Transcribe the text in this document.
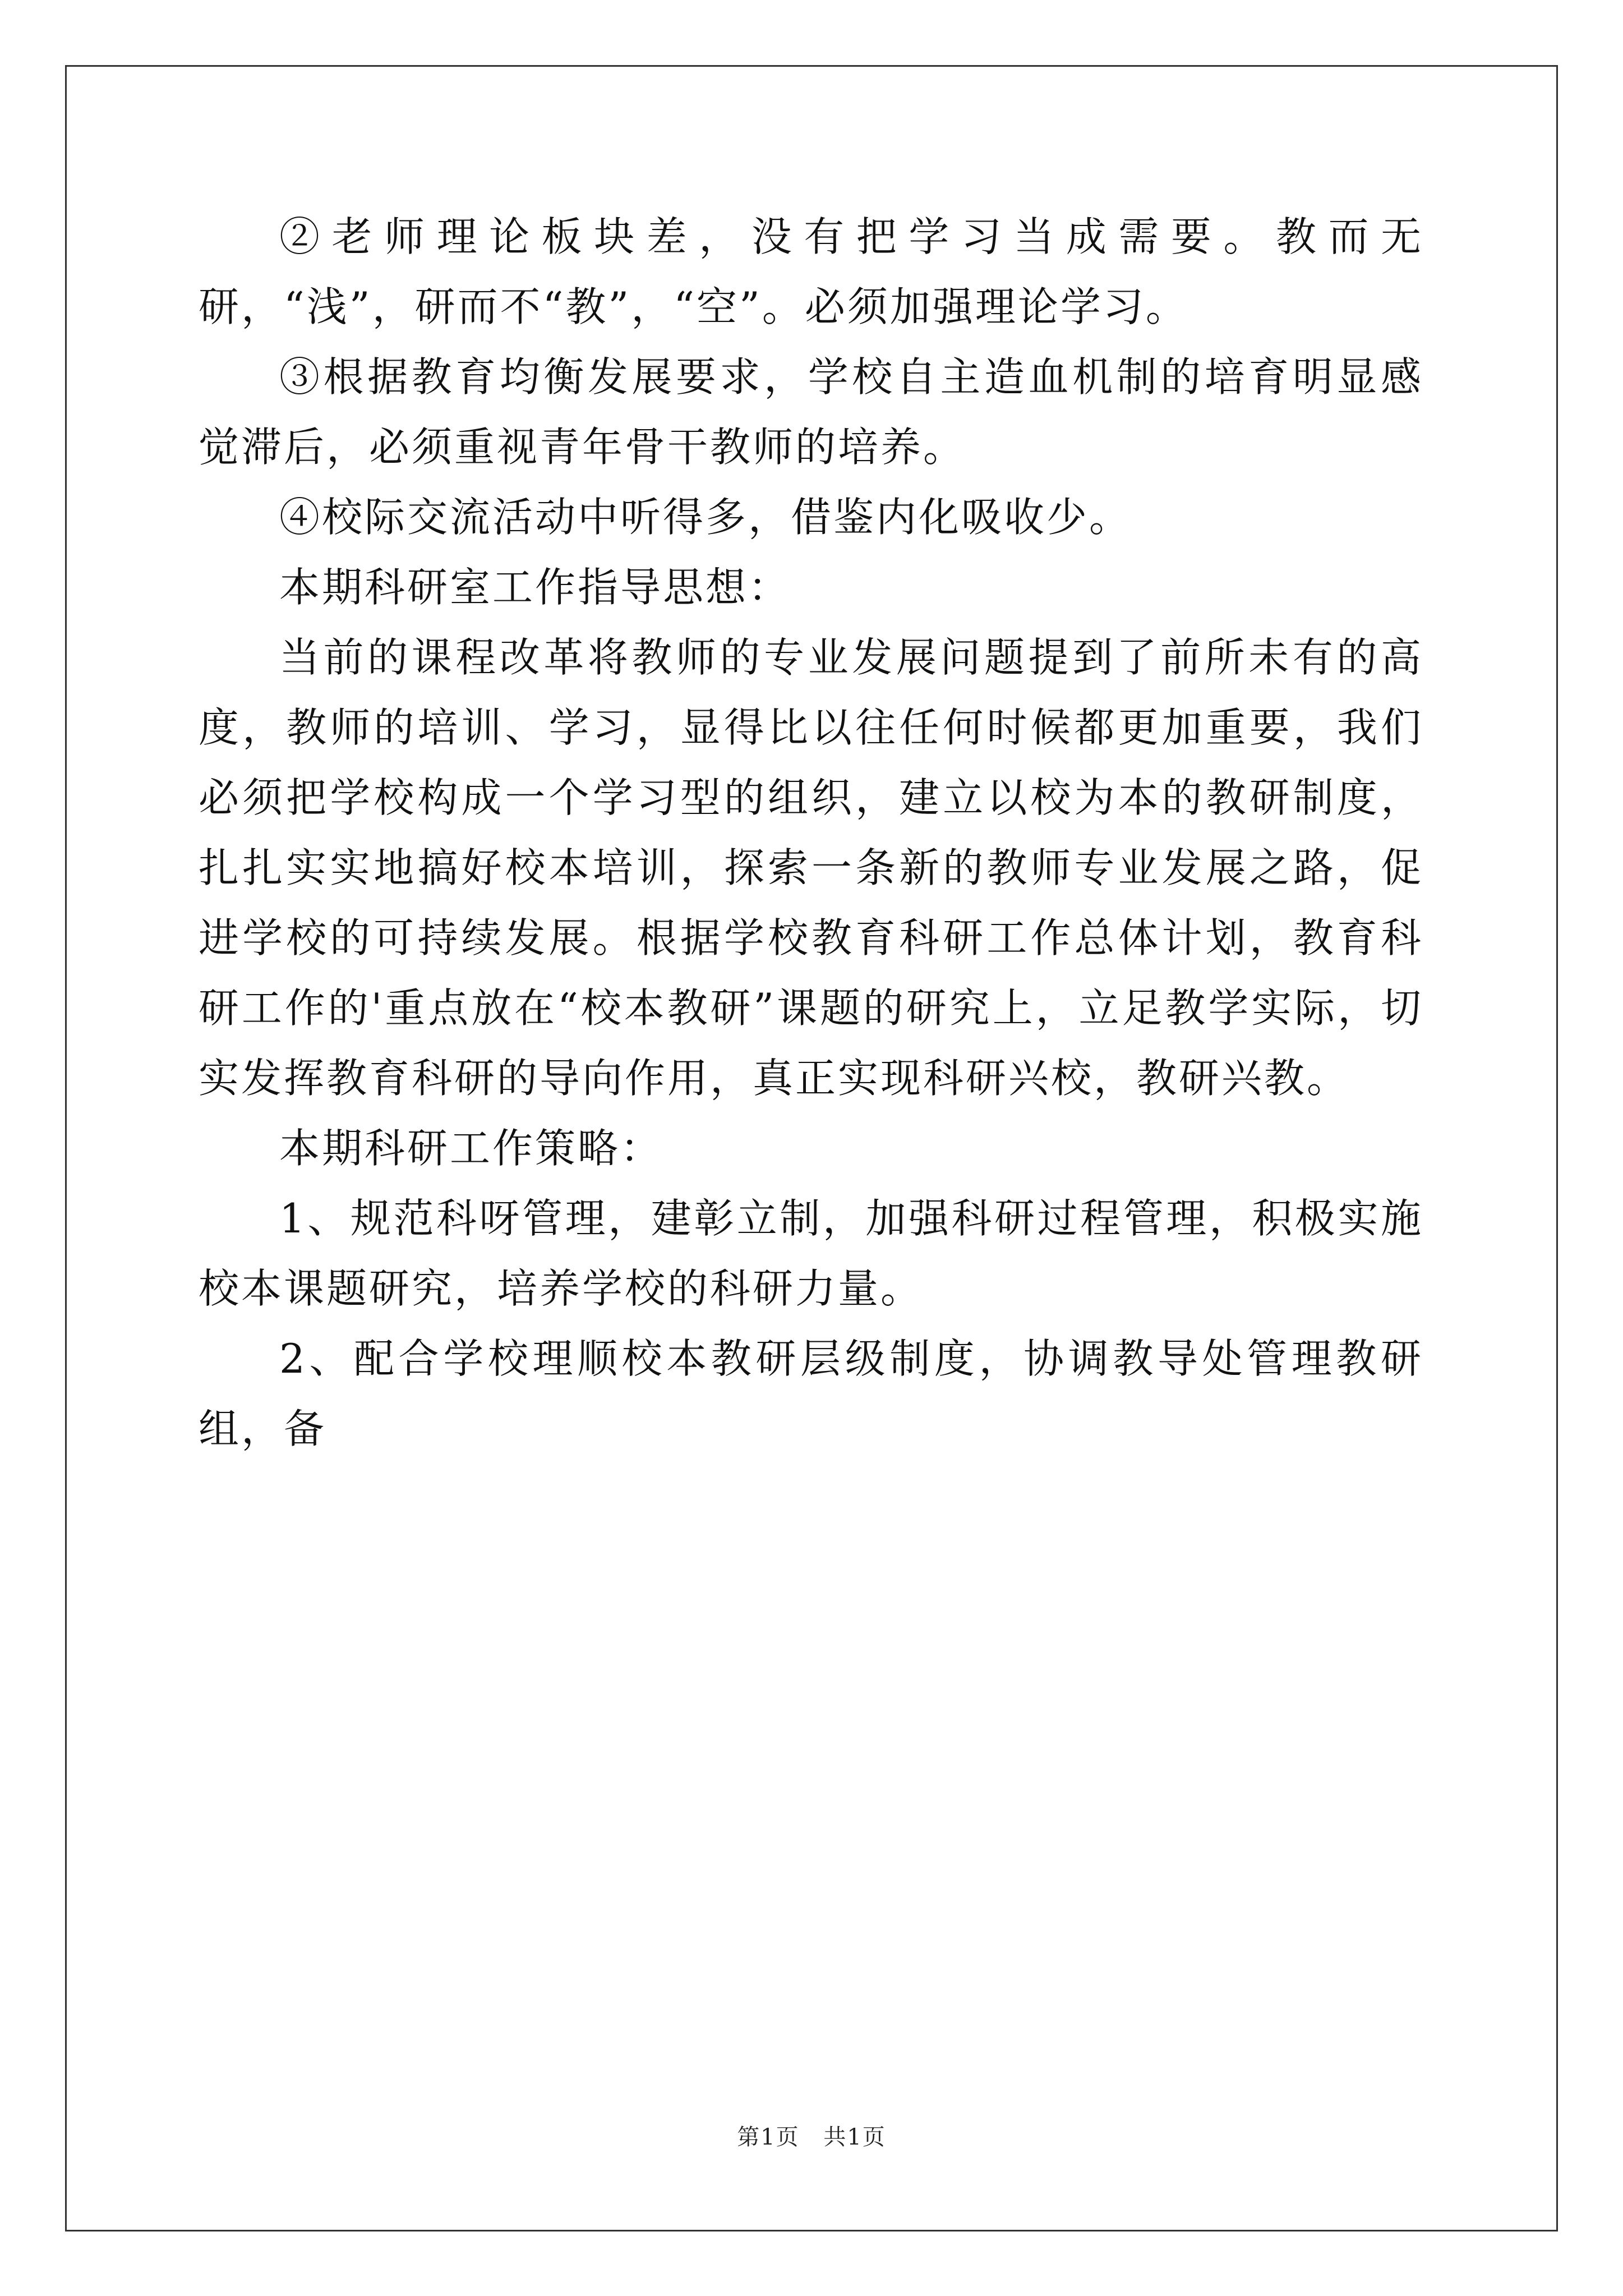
②老师理论板块差，没有把学习当成需要。教而无研，“浅”，研而不“教”，“空”。必须加强理论学习。

③根据教育均衡发展要求，学校自主造血机制的培育明显感觉滞后，必须重视青年骨干教师的培养。

④校际交流活动中听得多，借鉴内化吸收少。

本期科研室工作指导思想：

当前的课程改革将教师的专业发展问题提到了前所未有的高度，教师的培训、学习，显得比以往任何时候都更加重要，我们必须把学校构成一个学习型的组织，建立以校为本的教研制度，扎扎实实地搞好校本培训，探索一条新的教师专业发展之路，促进学校的可持续发展。根据学校教育科研工作总体计划，教育科研工作的'重点放在“校本教研”课题的研究上，立足教学实际，切实发挥教育科研的导向作用，真正实现科研兴校，教研兴教。

本期科研工作策略：

1、规范科呀管理，建彰立制，加强科研过程管理，积极实施校本课题研究，培养学校的科研力量。

2、配合学校理顺校本教研层级制度，协调教导处管理教研组，备

第1页 共1页
